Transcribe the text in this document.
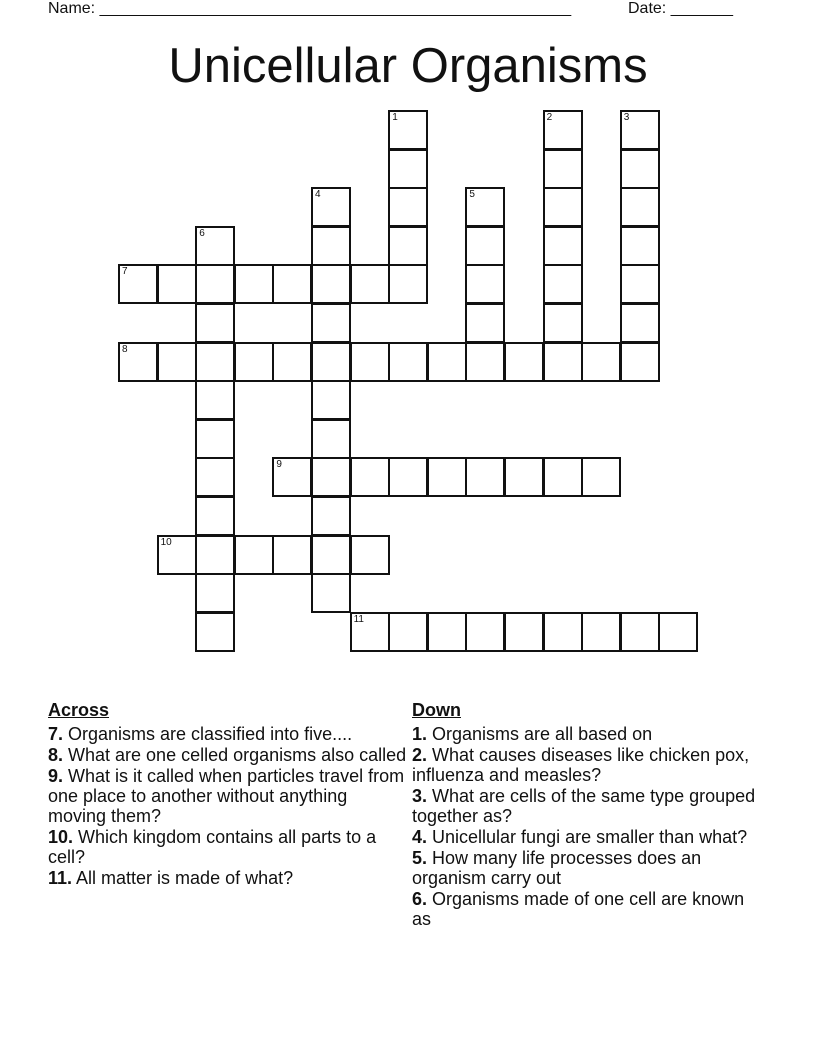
Name: _____________________________________________________	Date: _______
Unicellular Organisms
1	2	3
4	5
6
7
8
9
10
11
Across
7. Organisms are classified into five....
8. What are one celled organisms also called
9. What is it called when particles travel from one place to another without anything moving them?
10. Which kingdom contains all parts to a cell?
11. All matter is made of what?
Down
1. Organisms are all based on
2. What causes diseases like chicken pox, influenza and measles?
3. What are cells of the same type grouped together as?
4. Unicellular fungi are smaller than what?
5. How many life processes does an organism carry out
6. Organisms made of one cell are known as
